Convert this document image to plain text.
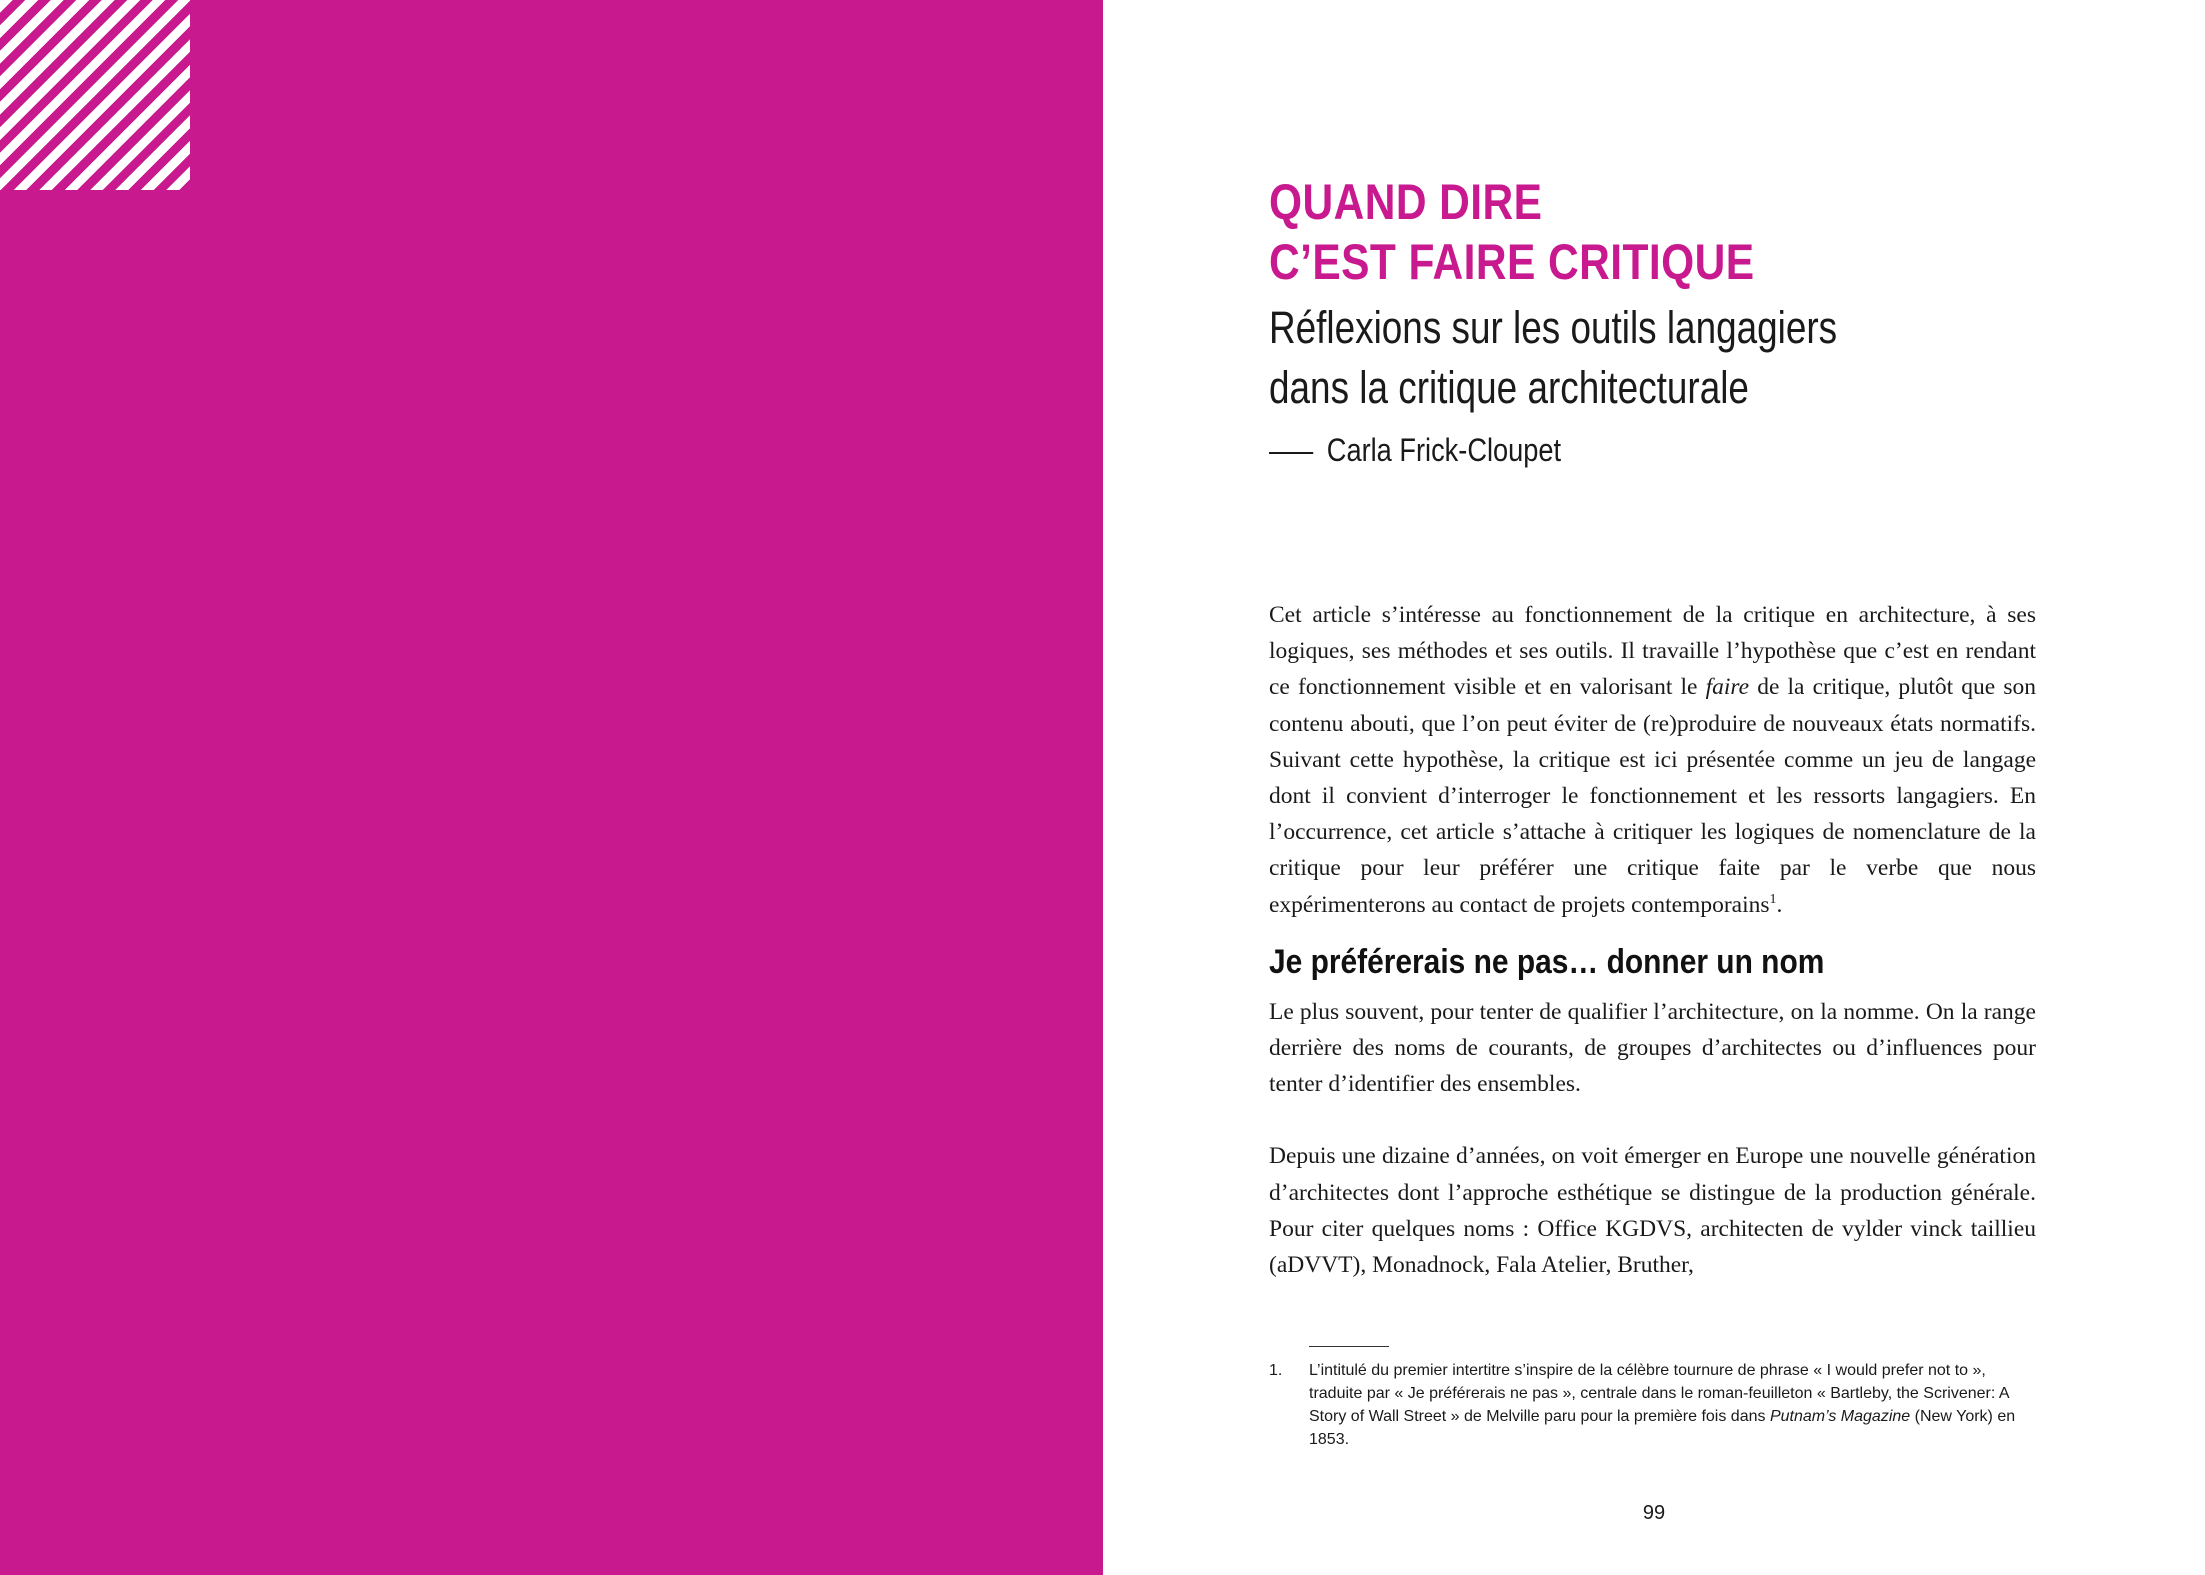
QUAND DIRE
C’EST FAIRE CRITIQUE
Réflexions sur les outils langagiers
dans la critique architecturale
Carla Frick-Cloupet

Cet article s’intéresse au fonctionnement de la critique en architecture, à ses logiques, ses méthodes et ses outils. Il travaille l’hypothèse que c’est en rendant ce fonctionnement visible et en valorisant le faire de la critique, plutôt que son contenu abouti, que l’on peut éviter de (re)produire de nouveaux états normatifs. Suivant cette hypothèse, la critique est ici présentée comme un jeu de langage dont il convient d’interroger le fonctionnement et les ressorts langagiers. En l’occurrence, cet article s’attache à critiquer les logiques de nomenclature de la critique pour leur préférer une critique faite par le verbe que nous expérimenterons au contact de projets contemporains$^1$.

Je préférerais ne pas… donner un nom

Le plus souvent, pour tenter de qualifier l’architecture, on la nomme. On la range derrière des noms de courants, de groupes d’architectes ou d’influences pour tenter d’identifier des ensembles.

Depuis une dizaine d’années, on voit émerger en Europe une nouvelle génération d’architectes dont l’approche esthétique se distingue de la production générale. Pour citer quelques noms : Office KGDVS, architecten de vylder vinck taillieu (aDVVT), Monadnock, Fala Atelier, Bruther,

1.	L’intitulé du premier intertitre s’inspire de la célèbre tournure de phrase « I would prefer not to », traduite par « Je préférerais ne pas », centrale dans le roman-feuilleton « Bartleby, the Scrivener: A Story of Wall Street » de Melville paru pour la première fois dans Putnam’s Magazine (New York) en 1853.
99
